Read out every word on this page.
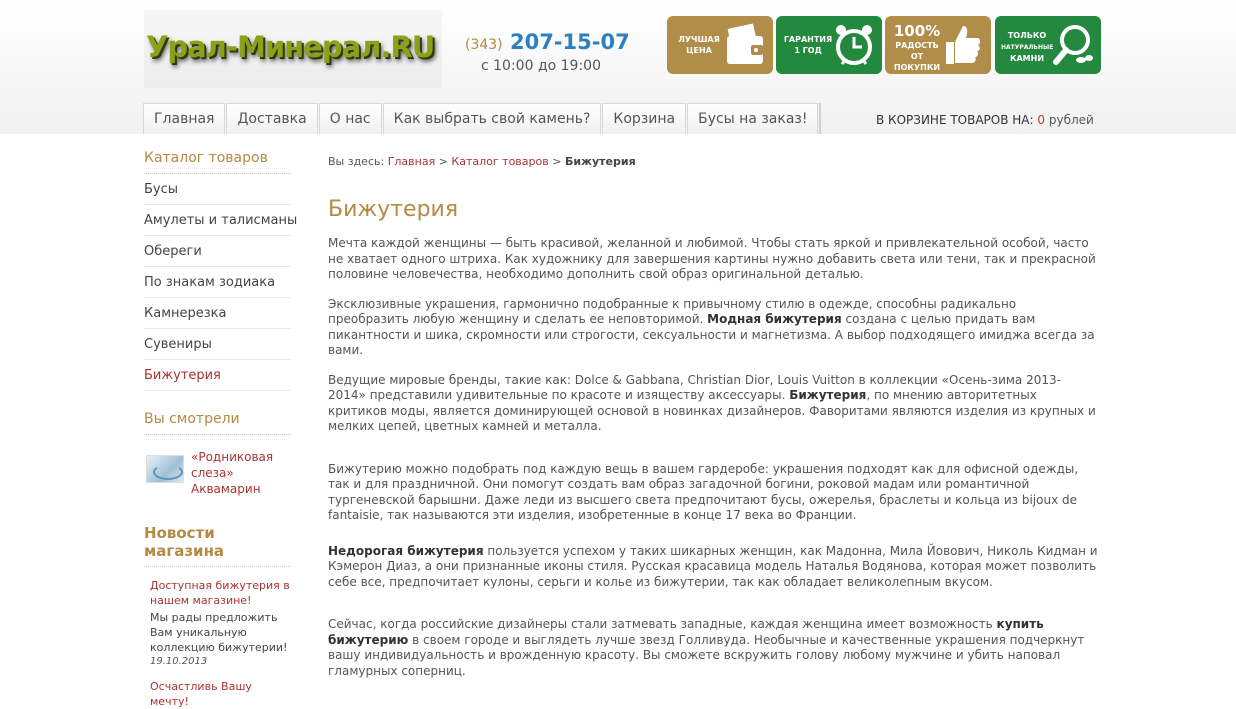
Урал-Минерал.RU (343) 207-15-07
с 10:00 до 19:00
ЛУЧШАЯ
ЦЕНА
ГАРАНТИЯ
1 ГОД
100%
РАДОСТЬ
ОТ ПОКУПКИ
ТОЛЬКО
НАТУРАЛЬНЫЕ
КАМНИ
Главная	Доставка	О нас	Как выбрать свой камень?	Корзина	Бусы на заказ!	В КОРЗИНЕ ТОВАРОВ НА: 0 рублей
Каталог товаров
Бусы
Амулеты и талисманы
Обереги
По знакам зодиака
Камнерезка
Сувениры
Бижутерия
Вы смотрели
«Родниковая слеза» Аквамарин
Новости магазина
Доступная бижутерия в нашем магазине!
Мы рады предложить Вам уникальную коллекцию бижутерии!
19.10.2013
Осчастливь Вашу мечту!
Вы здесь: Главная > Каталог товаров > Бижутерия
Бижутерия

Мечта каждой женщины — быть красивой, желанной и любимой. Чтобы стать яркой и привлекательной особой, часто не хватает одного штриха. Как художнику для завершения картины нужно добавить света или тени, так и прекрасной половине человечества, необходимо дополнить свой образ оригинальной деталью.

Эксклюзивные украшения, гармонично подобранные к привычному стилю в одежде, способны радикально преобразить любую женщину и сделать ее неповторимой. Модная бижутерия создана с целью придать вам пикантности и шика, скромности или строгости, сексуальности и магнетизма. А выбор подходящего имиджа всегда за вами.

Ведущие мировые бренды, такие как: Dolce & Gabbana, Christian Dior, Louis Vuitton в коллекции «Осень-зима 2013-2014» представили удивительные по красоте и изяществу аксессуары. Бижутерия, по мнению авторитетных критиков моды, является доминирующей основой в новинках дизайнеров. Фаворитами являются изделия из крупных и мелких цепей, цветных камней и металла.

Бижутерию можно подобрать под каждую вещь в вашем гардеробе: украшения подходят как для офисной одежды, так и для праздничной. Они помогут создать вам образ загадочной богини, роковой мадам или романтичной тургеневской барышни. Даже леди из высшего света предпочитают бусы, ожерелья, браслеты и кольца из bijoux de fantaisie, так называются эти изделия, изобретенные в конце 17 века во Франции.

Недорогая бижутерия пользуется успехом у таких шикарных женщин, как Мадонна, Мила Йовович, Николь Кидман и Кэмерон Диаз, а они признанные иконы стиля. Русская красавица модель Наталья Водянова, которая может позволить себе все, предпочитает кулоны, серьги и колье из бижутерии, так как обладает великолепным вкусом.

Сейчас, когда российские дизайнеры стали затмевать западные, каждая женщина имеет возможность купить бижутерию в своем городе и выглядеть лучше звезд Голливуда. Необычные и качественные украшения подчеркнут вашу индивидуальность и врожденную красоту. Вы сможете вскружить голову любому мужчине и убить наповал гламурных соперниц.
